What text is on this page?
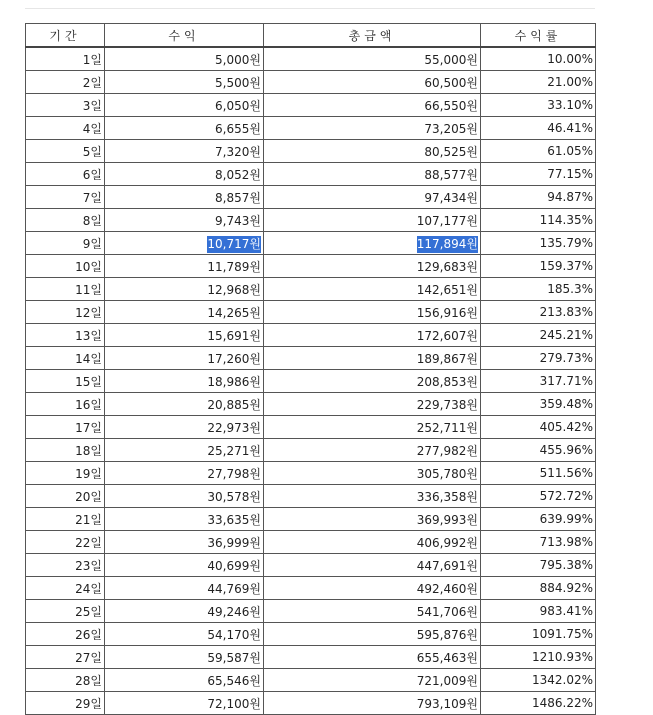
기간	수익	총금액	수익률
1일	5,000원	55,000원	10.00%
2일	5,500원	60,500원	21.00%
3일	6,050원	66,550원	33.10%
4일	6,655원	73,205원	46.41%
5일	7,320원	80,525원	61.05%
6일	8,052원	88,577원	77.15%
7일	8,857원	97,434원	94.87%
8일	9,743원	107,177원	114.35%
9일	10,717원	117,894원	135.79%
10일	11,789원	129,683원	159.37%
11일	12,968원	142,651원	185.3%
12일	14,265원	156,916원	213.83%
13일	15,691원	172,607원	245.21%
14일	17,260원	189,867원	279.73%
15일	18,986원	208,853원	317.71%
16일	20,885원	229,738원	359.48%
17일	22,973원	252,711원	405.42%
18일	25,271원	277,982원	455.96%
19일	27,798원	305,780원	511.56%
20일	30,578원	336,358원	572.72%
21일	33,635원	369,993원	639.99%
22일	36,999원	406,992원	713.98%
23일	40,699원	447,691원	795.38%
24일	44,769원	492,460원	884.92%
25일	49,246원	541,706원	983.41%
26일	54,170원	595,876원	1091.75%
27일	59,587원	655,463원	1210.93%
28일	65,546원	721,009원	1342.02%
29일	72,100원	793,109원	1486.22%
